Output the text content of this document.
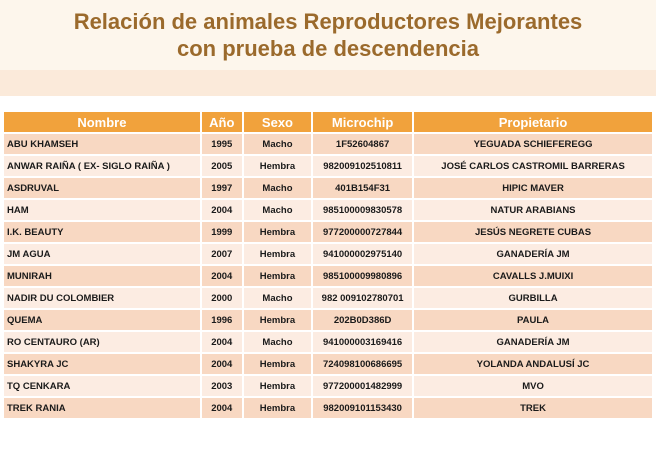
Relación de animales Reproductores Mejorantes
con prueba de descendencia
Nombre	Año	Sexo	Microchip	Propietario
ABU KHAMSEH	1995	Macho	1F52604867	YEGUADA SCHIEFEREGG
ANWAR RAIÑA ( EX- SIGLO RAIÑA )	2005	Hembra	982009102510811	JOSÉ CARLOS CASTROMIL BARRERAS
ASDRUVAL	1997	Macho	401B154F31	HIPIC MAVER
HAM	2004	Macho	985100009830578	NATUR ARABIANS
I.K. BEAUTY	1999	Hembra	977200000727844	JESÚS NEGRETE CUBAS
JM AGUA	2007	Hembra	941000002975140	GANADERÍA JM
MUNIRAH	2004	Hembra	985100009980896	CAVALLS J.MUIXI
NADIR DU COLOMBIER	2000	Macho	982 009102780701	GURBILLA
QUEMA	1996	Hembra	202B0D386D	PAULA
RO CENTAURO (AR)	2004	Macho	941000003169416	GANADERÍA JM
SHAKYRA JC	2004	Hembra	724098100686695	YOLANDA ANDALUSÍ JC
TQ CENKARA	2003	Hembra	977200001482999	MVO
TREK RANIA	2004	Hembra	982009101153430	TREK
